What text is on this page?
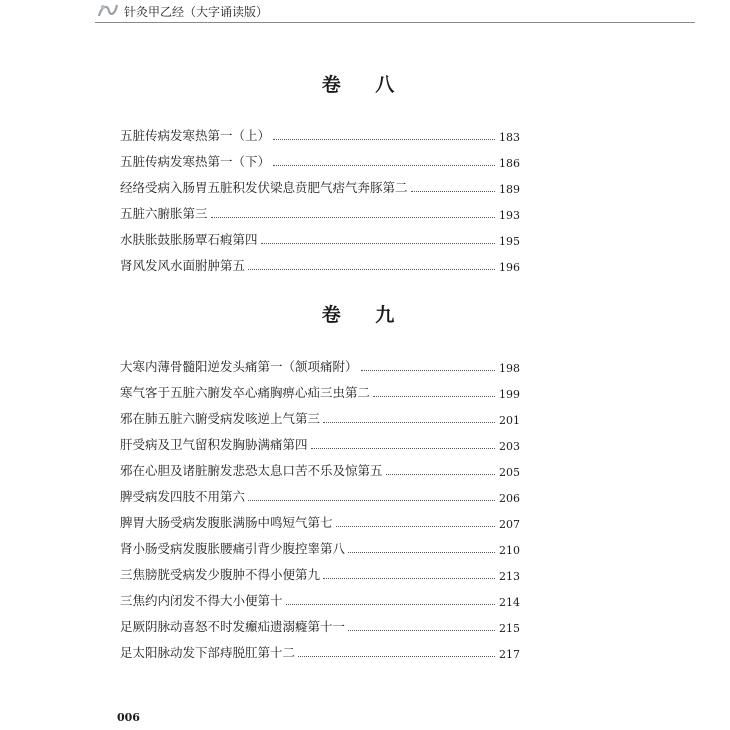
针灸甲乙经（大字诵读版）
卷 八
五脏传病发寒热第一（上）	183
五脏传病发寒热第一（下）	186
经络受病入肠胃五脏积发伏梁息贲肥气痞气奔豚第二	189
五脏六腑胀第三	193
水肤胀鼓胀肠覃石瘕第四	195
肾风发风水面胕肿第五	196
卷 九
大寒内薄骨髓阳逆发头痛第一（颔项痛附）	198
寒气客于五脏六腑发卒心痛胸痹心疝三虫第二	199
邪在肺五脏六腑受病发咳逆上气第三	201
肝受病及卫气留积发胸胁满痛第四	203
邪在心胆及诸脏腑发悲恐太息口苦不乐及惊第五	205
脾受病发四肢不用第六	206
脾胃大肠受病发腹胀满肠中鸣短气第七	207
肾小肠受病发腹胀腰痛引背少腹控睾第八	210
三焦膀胱受病发少腹肿不得小便第九	213
三焦约内闭发不得大小便第十	214
足厥阴脉动喜怒不时发㿗疝遗溺癃第十一	215
足太阳脉动发下部痔脱肛第十二	217
006
